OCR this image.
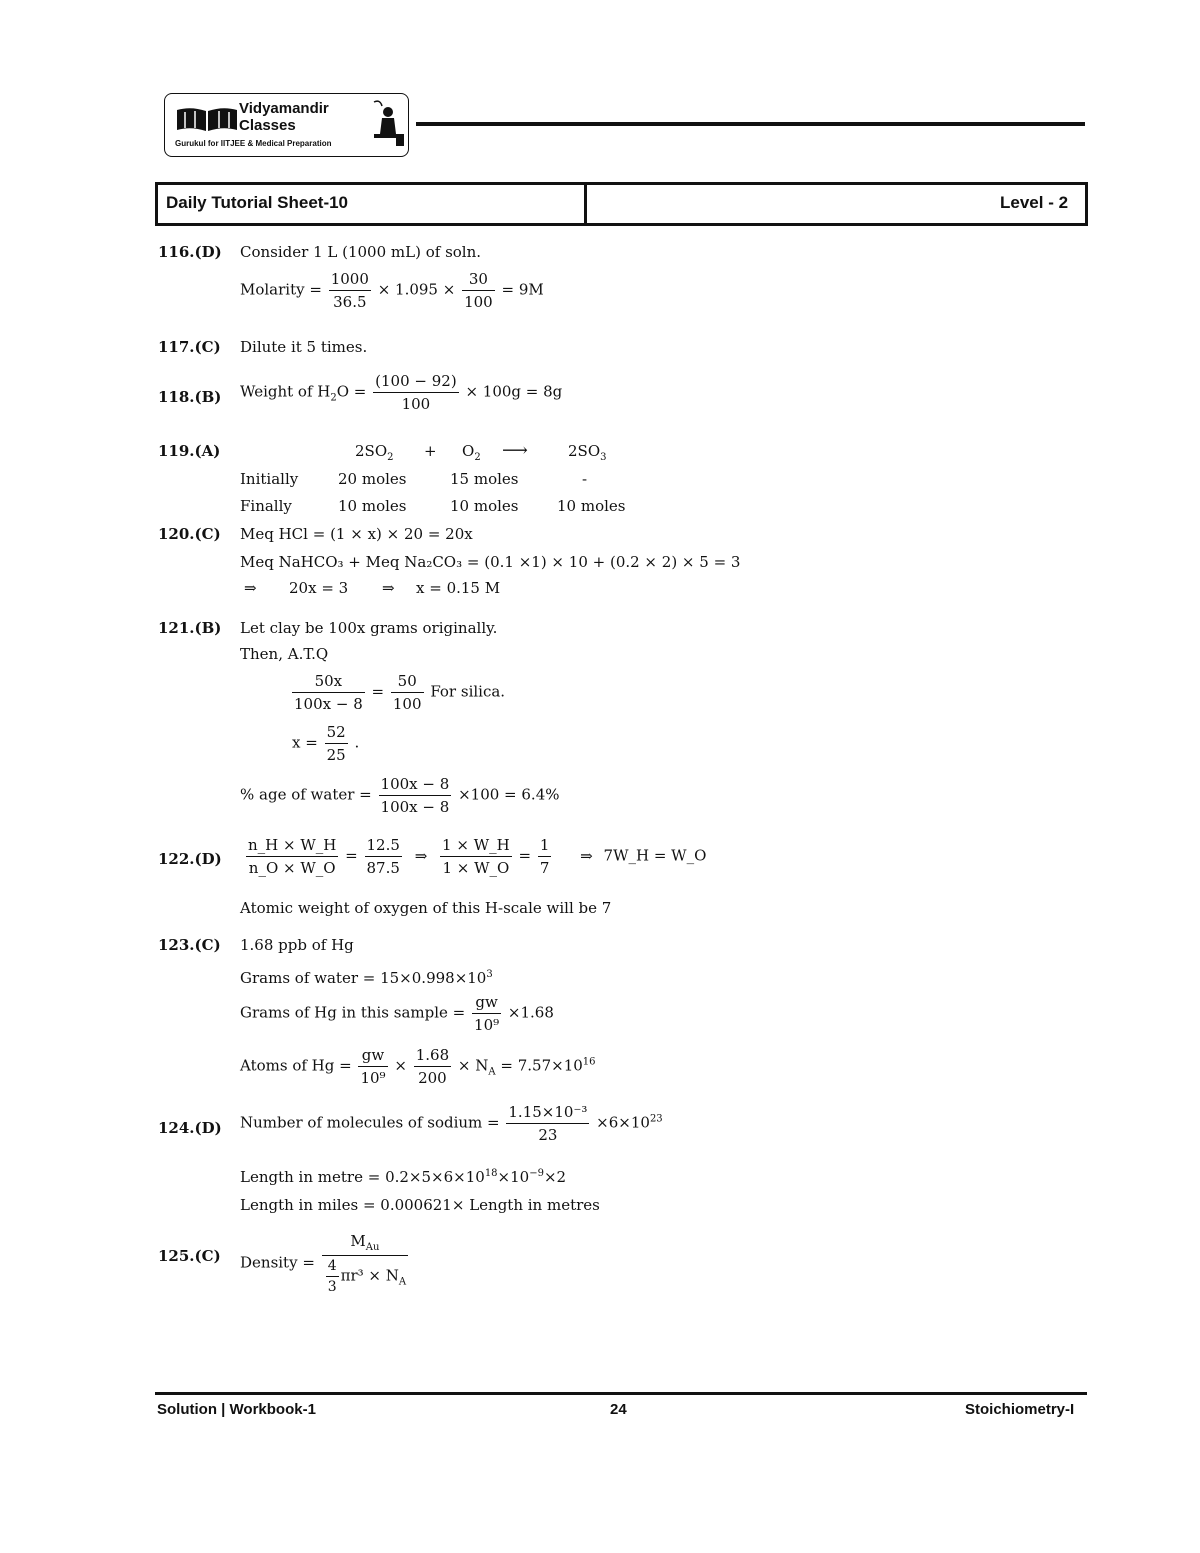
Vidyamandir
Classes
Gurukul for IITJEE & Medical Preparation
Daily Tutorial Sheet-10	Level - 2
116.(D) Consider 1 L (1000 mL) of soln.
Molarity = $\frac{1000}{36.5} \times 1.095 \times \frac{30}{100} = 9M$
117.(C) Dilute it 5 times.
118.(B) Weight of $H_2O = \frac{(100 - 92)}{100} \times 100g = 8g$
119.(A)	$2SO_2 + O_2$ ⟶	$2SO_3$
Initially	20 moles	15 moles	-
Finally	10 moles	10 moles	10 moles
120.(C) Meq HCl = (1 × x) × 20 = 20x
Meq NaHCO₃ + Meq Na₂CO₃ = (0.1 ×1) × 10 + (0.2 × 2) × 5 = 3
⇒ 20x = 3 ⇒ x = 0.15 M
121.(B) Let clay be 100x grams originally.
Then, A.T.Q
$\frac{50x}{100x - 8} = \frac{50}{100}$ For silica.
$x = \frac{52}{25}$ .
% age of water = $\frac{100x - 8}{100x - 8} \times 100 = 6.4\%$
$122.(D) \frac{n\_H \times W\_H}{n\_O \times W\_O} = \frac{12.5}{87.5}$ ⇒ $\frac{1 \times W\_H}{1 \times W\_O} = \frac{1}{7}$ ⇒ 7W_H = W_O
Atomic weight of oxygen of this H-scale will be 7
123.(C) 1.68 ppb of Hg
Grams of water = $15\times 0.998\times 10^3$
Grams of Hg in this sample = $\frac{gw}{\text{10⁹}} \times 1.68$
Atoms of $Hg = \frac{gw}{\text{10⁹}} \times \frac{1.68}{200} \times N_A = 7.57\times 10^{16}$
124.(D) Number of molecules of sodium = $\frac{\text{1.15×10⁻³}}{23} \times 6\times 10^{23}$
Length in metre = $0.2\times 5\times 6\times 10^{18}\times 10^{-9}\times 2$
Length in miles = 0.000621× Length in metres
125.(C) Density = $\frac{M_{Au}}{\frac{4}{3} \pi r^3 \times N_A}$
Solution | Workbook-1	24	Stoichiometry-I
